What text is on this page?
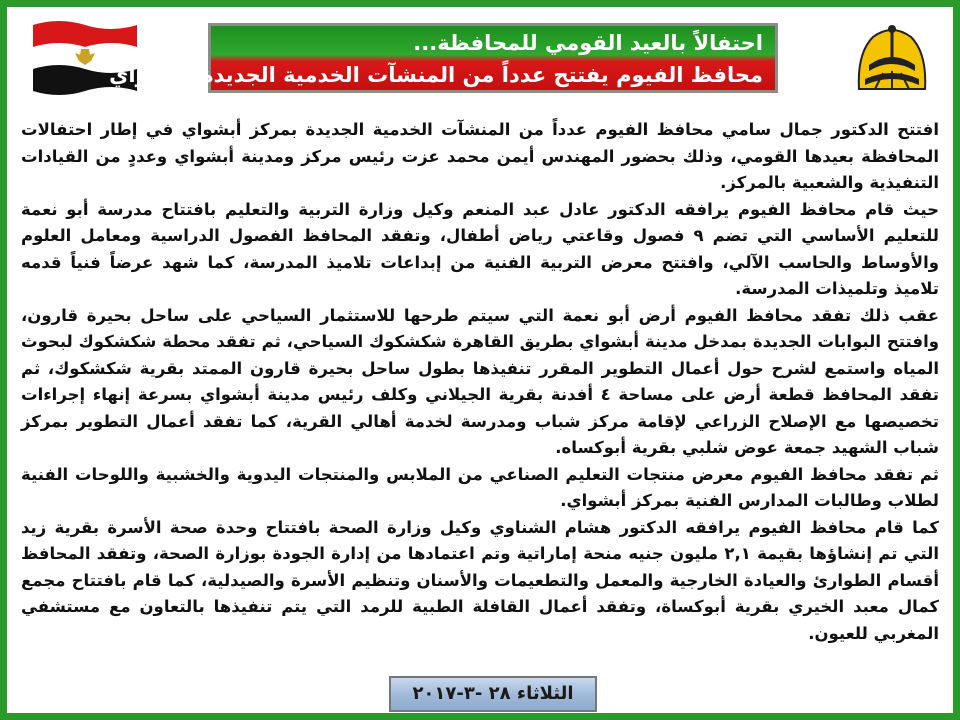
احتفالاً بالعيد القومي للمحافظة...
محافظ الفيوم يفتتح عدداً من المنشآت الخدمية الجديدة بأبشواي

افتتح الدكتور جمال سامي محافظ الفيوم عدداً من المنشآت الخدمية الجديدة بمركز أبشواي في إطار احتفالات المحافظة بعيدها القومي، وذلك بحضور المهندس أيمن محمد عزت رئيس مركز ومدينة أبشواي وعددٍ من القيادات التنفيذية والشعبية بالمركز.

حيث قام محافظ الفيوم يرافقه الدكتور عادل عبد المنعم وكيل وزارة التربية والتعليم بافتتاح مدرسة أبو نعمة للتعليم الأساسي التي تضم ٩ فصول وقاعتي رياض أطفال، وتفقد المحافظ الفصول الدراسية ومعامل العلوم والأوساط والحاسب الآلي، وافتتح معرض التربية الفنية من إبداعات تلاميذ المدرسة، كما شهد عرضاً فنياً قدمه تلاميذ وتلميذات المدرسة.

عقب ذلك تفقد محافظ الفيوم أرض أبو نعمة التي سيتم طرحها للاستثمار السياحي على ساحل بحيرة قارون، وافتتح البوابات الجديدة بمدخل مدينة أبشواي بطريق القاهرة شكشكوك السياحي، ثم تفقد محطة شكشكوك لبحوث المياه واستمع لشرح حول أعمال التطوير المقرر تنفيذها بطول ساحل بحيرة قارون الممتد بقرية شكشكوك، ثم تفقد المحافظ قطعة أرض على مساحة ٤ أفدنة بقرية الجيلاني وكلف رئيس مدينة أبشواي بسرعة إنهاء إجراءات تخصيصها مع الإصلاح الزراعي لإقامة مركز شباب ومدرسة لخدمة أهالي القرية، كما تفقد أعمال التطوير بمركز شباب الشهيد جمعة عوض شلبي بقرية أبوكساه.

ثم تفقد محافظ الفيوم معرض منتجات التعليم الصناعي من الملابس والمنتجات اليدوية والخشبية واللوحات الفنية لطلاب وطالبات المدارس الفنية بمركز أبشواي.

كما قام محافظ الفيوم يرافقه الدكتور هشام الشناوي وكيل وزارة الصحة بافتتاح وحدة صحة الأسرة بقرية زيد التي تم إنشاؤها بقيمة ٢,١ مليون جنيه منحة إماراتية وتم اعتمادها من إدارة الجودة بوزارة الصحة، وتفقد المحافظ أقسام الطوارئ والعيادة الخارجية والمعمل والتطعيمات والأسنان وتنظيم الأسرة والصيدلية، كما قام بافتتاح مجمع كمال معبد الخيري بقرية أبوكساة، وتفقد أعمال القافلة الطبية للرمد التي يتم تنفيذها بالتعاون مع مستشفي المغربي للعيون.

الثلاثاء ٢٨ -٣-٢٠١٧
